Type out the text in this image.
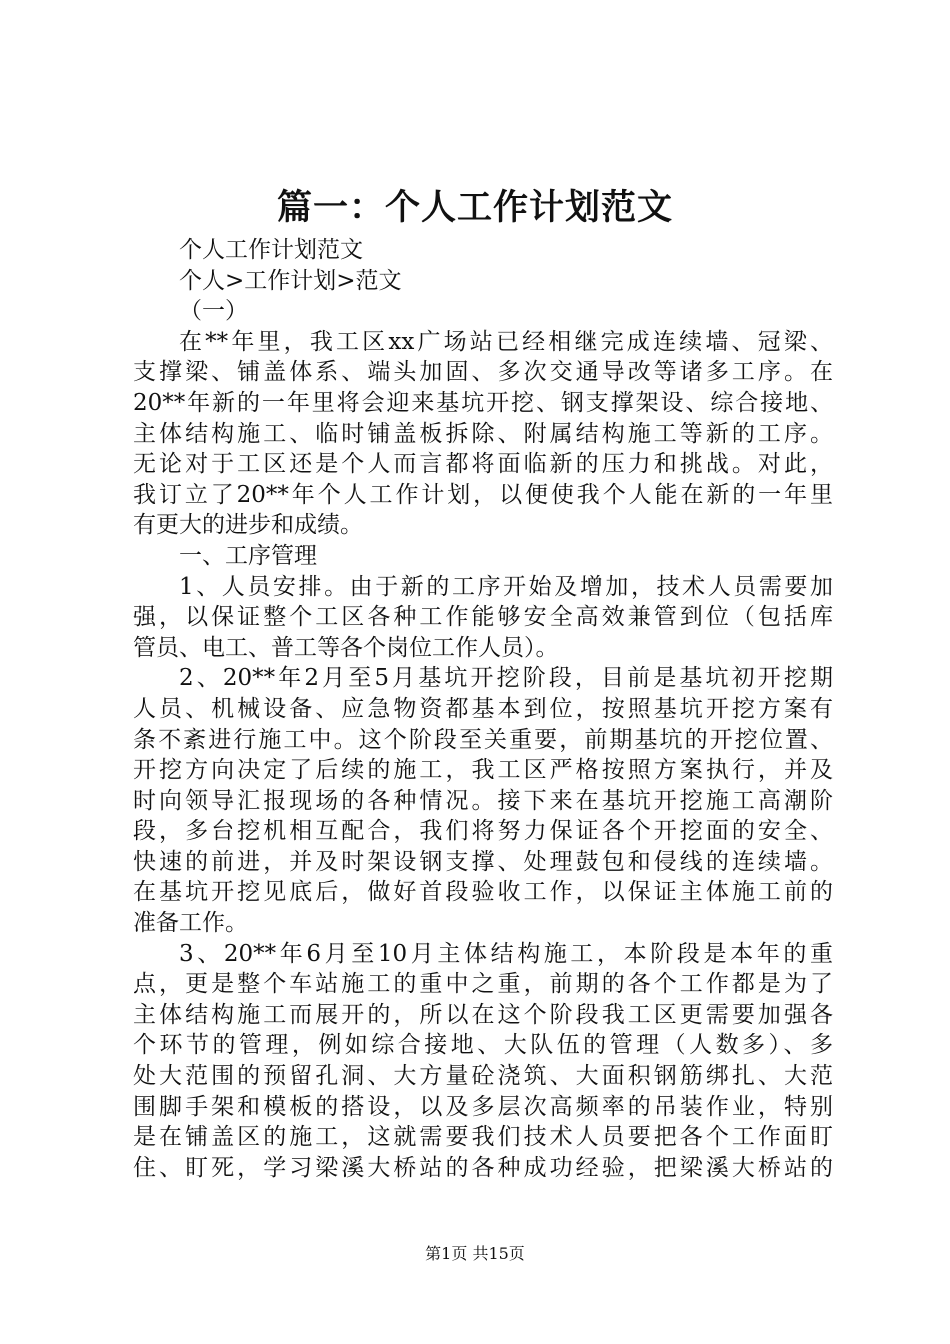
篇一：个人工作计划范文

个人工作计划范文

个人>工作计划>范文

（一）

在**年里，我工区xx广场站已经相继完成连续墙、冠梁、

支撑梁、铺盖体系、端头加固、多次交通导改等诸多工序。在

20**年新的一年里将会迎来基坑开挖、钢支撑架设、综合接地、

主体结构施工、临时铺盖板拆除、附属结构施工等新的工序。

无论对于工区还是个人而言都将面临新的压力和挑战。对此，

我订立了20**年个人工作计划，以便使我个人能在新的一年里

有更大的进步和成绩。

一、工序管理

1、人员安排。由于新的工序开始及增加，技术人员需要加

强，以保证整个工区各种工作能够安全高效兼管到位（包括库

管员、电工、普工等各个岗位工作人员）。

2、20**年2月至5月基坑开挖阶段，目前是基坑初开挖期

人员、机械设备、应急物资都基本到位，按照基坑开挖方案有

条不紊进行施工中。这个阶段至关重要，前期基坑的开挖位置、

开挖方向决定了后续的施工，我工区严格按照方案执行，并及

时向领导汇报现场的各种情况。接下来在基坑开挖施工高潮阶

段，多台挖机相互配合，我们将努力保证各个开挖面的安全、

快速的前进，并及时架设钢支撑、处理鼓包和侵线的连续墙。

在基坑开挖见底后，做好首段验收工作，以保证主体施工前的

准备工作。

3、20**年6月至10月主体结构施工，本阶段是本年的重

点，更是整个车站施工的重中之重，前期的各个工作都是为了

主体结构施工而展开的，所以在这个阶段我工区更需要加强各

个环节的管理，例如综合接地、大队伍的管理（人数多）、多

处大范围的预留孔洞、大方量砼浇筑、大面积钢筋绑扎、大范

围脚手架和模板的搭设，以及多层次高频率的吊装作业，特别

是在铺盖区的施工，这就需要我们技术人员要把各个工作面盯

住、盯死，学习梁溪大桥站的各种成功经验，把梁溪大桥站的

第1页 共15页
